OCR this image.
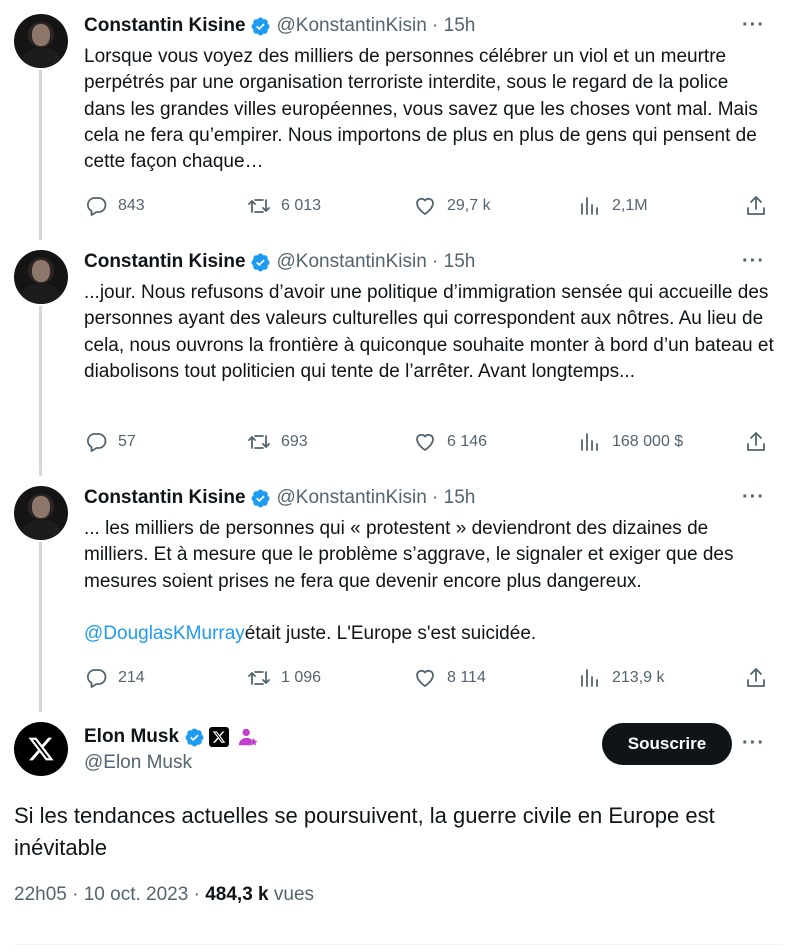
Constantin Kisine @KonstantinKisin · 15h	···
Lorsque vous voyez des milliers de personnes célébrer un viol et un meurtre perpétrés par une organisation terroriste interdite, sous le regard de la police dans les grandes villes européennes, vous savez que les choses vont mal. Mais cela ne fera qu’empirer. Nous importons de plus en plus de gens qui pensent de cette façon chaque…
843	6 013	29,7 k	2,1M
Constantin Kisine @KonstantinKisin · 15h	···
...jour. Nous refusons d’avoir une politique d’immigration sensée qui accueille des personnes ayant des valeurs culturelles qui correspondent aux nôtres. Au lieu de cela, nous ouvrons la frontière à quiconque souhaite monter à bord d’un bateau et diabolisons tout politicien qui tente de l’arrêter. Avant longtemps...
57	693	6 146	168 000 $
Constantin Kisine @KonstantinKisin · 15h	···
... les milliers de personnes qui « protestent » deviendront des dizaines de milliers. Et à mesure que le problème s’aggrave, le signaler et exiger que des mesures soient prises ne fera que devenir encore plus dangereux.
@DouglasKMurrayétait juste. L'Europe s'est suicidée.
214	1 096	8 114	213,9 k
Elon Musk
@Elon Musk
Souscrire	···
Si les tendances actuelles se poursuivent, la guerre civile en Europe est inévitable
22h05 · 10 oct. 2023 · 484,3 k vues
